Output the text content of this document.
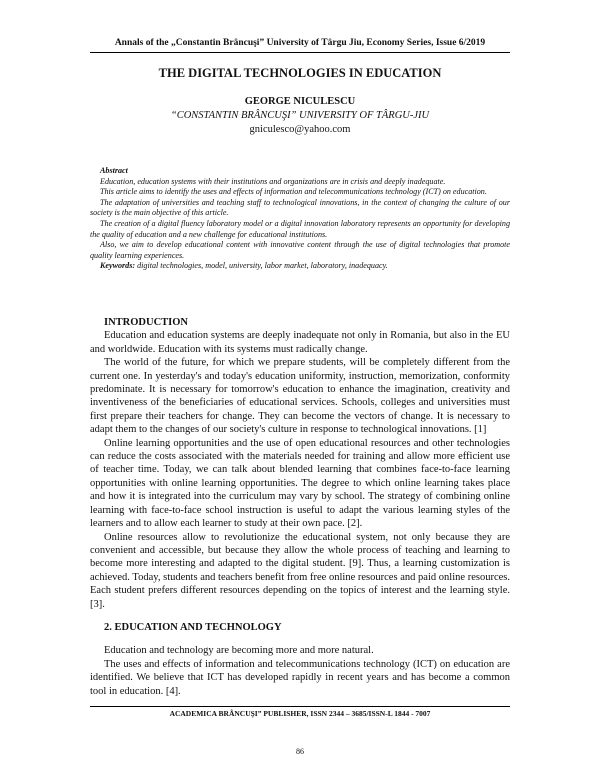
Annals of the „Constantin Brâncuşi” University of Târgu Jiu, Economy Series, Issue 6/2019
THE DIGITAL TECHNOLOGIES IN EDUCATION
GEORGE NICULESCU
“CONSTANTIN BRÂNCUŞI” UNIVERSITY OF TÂRGU-JIU
gniculesco@yahoo.com

Abstract

Education, education systems with their institutions and organizations are in crisis and deeply inadequate.

This article aims to identify the uses and effects of information and telecommunications technology (ICT) on education.

The adaptation of universities and teaching staff to technological innovations, in the context of changing the culture of our society is the main objective of this article.

The creation of a digital fluency laboratory model or a digital innovation laboratory represents an opportunity for developing the quality of education and a new challenge for educational institutions.

Also, we aim to develop educational content with innovative content through the use of digital technologies that promote quality learning experiences.

Keywords: digital technologies, model, university, labor market, laboratory, inadequacy.

INTRODUCTION

Education and education systems are deeply inadequate not only in Romania, but also in the EU and worldwide. Education with its systems must radically change.

The world of the future, for which we prepare students, will be completely different from the current one. In yesterday's and today's education uniformity, instruction, memorization, conformity predominate. It is necessary for tomorrow's education to enhance the imagination, creativity and inventiveness of the beneficiaries of educational services. Schools, colleges and universities must first prepare their teachers for change. They can become the vectors of change. It is necessary to adapt them to the changes of our society's culture in response to technological innovations. [1]

Online learning opportunities and the use of open educational resources and other technologies can reduce the costs associated with the materials needed for training and allow more efficient use of teacher time. Today, we can talk about blended learning that combines face-to-face learning opportunities with online learning opportunities. The degree to which online learning takes place and how it is integrated into the curriculum may vary by school. The strategy of combining online learning with face-to-face school instruction is useful to adapt the various learning styles of the learners and to allow each learner to study at their own pace. [2].

Online resources allow to revolutionize the educational system, not only because they are convenient and accessible, but because they allow the whole process of teaching and learning to become more interesting and adapted to the digital student. [9]. Thus, a learning customization is achieved. Today, students and teachers benefit from free online resources and paid online resources. Each student prefers different resources depending on the topics of interest and the learning style. [3].

2. EDUCATION AND TECHNOLOGY

Education and technology are becoming more and more natural.

The uses and effects of information and telecommunications technology (ICT) on education are identified. We believe that ICT has developed rapidly in recent years and has become a common tool in education. [4].

ACADEMICA BRÂNCUŞI” PUBLISHER, ISSN 2344 – 3685/ISSN-L 1844 - 7007
86
